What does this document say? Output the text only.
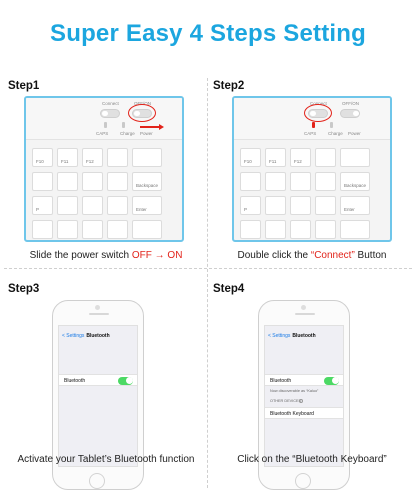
Super Easy 4 Steps Setting
Step1
Connect	OFF/ON
CAPS	Charge Power
F10	F11	F12
Backspace
P	Enter
Slide the power switch OFF → ON
Step2
Connect	OFF/ON
CAPS	Charge Power
F10	F11	F12
Backspace
P	Enter
Double click the “Connect” Button
Step3
Bluetooth
< Settings
Bluetooth
Activate your Tablet’s Bluetooth function
Step4
Bluetooth
< Settings
Bluetooth
Now discoverable as “Kaluo”
OTHER DEVICES
Bluetooth Keyboard
Click on the “Bluetooth Keyboard”
